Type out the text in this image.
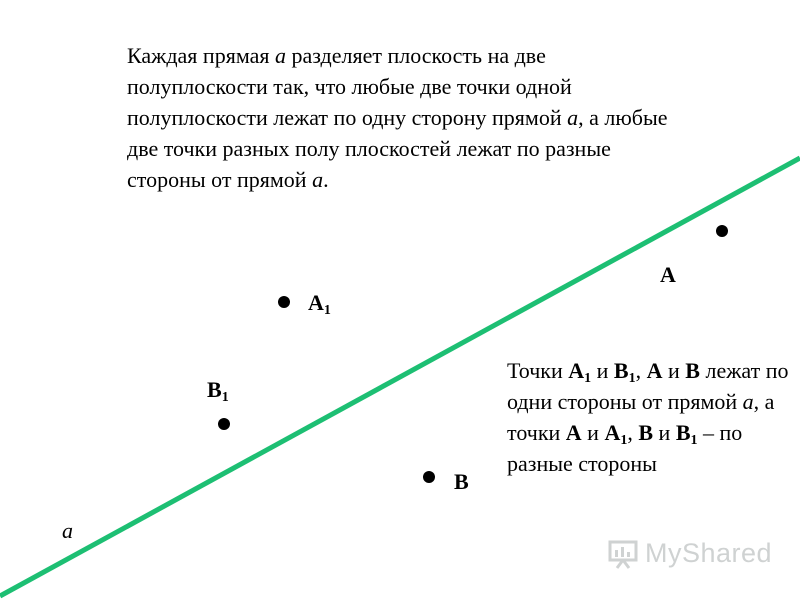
Каждая прямая а разделяет плоскость на две полуплоскости так, что любые две точки одной полуплоскости лежат по одну сторону прямой а, а любые две точки разных полу плоскостей лежат по разные стороны от прямой а.

А
$А_1$
$В_1$
В
а

Точки $А_1$ и $В_1$, А и В лежат по одни стороны от прямой а, а точки А и $А_1$, В и $В_1$ – по разные стороны

MyShared
